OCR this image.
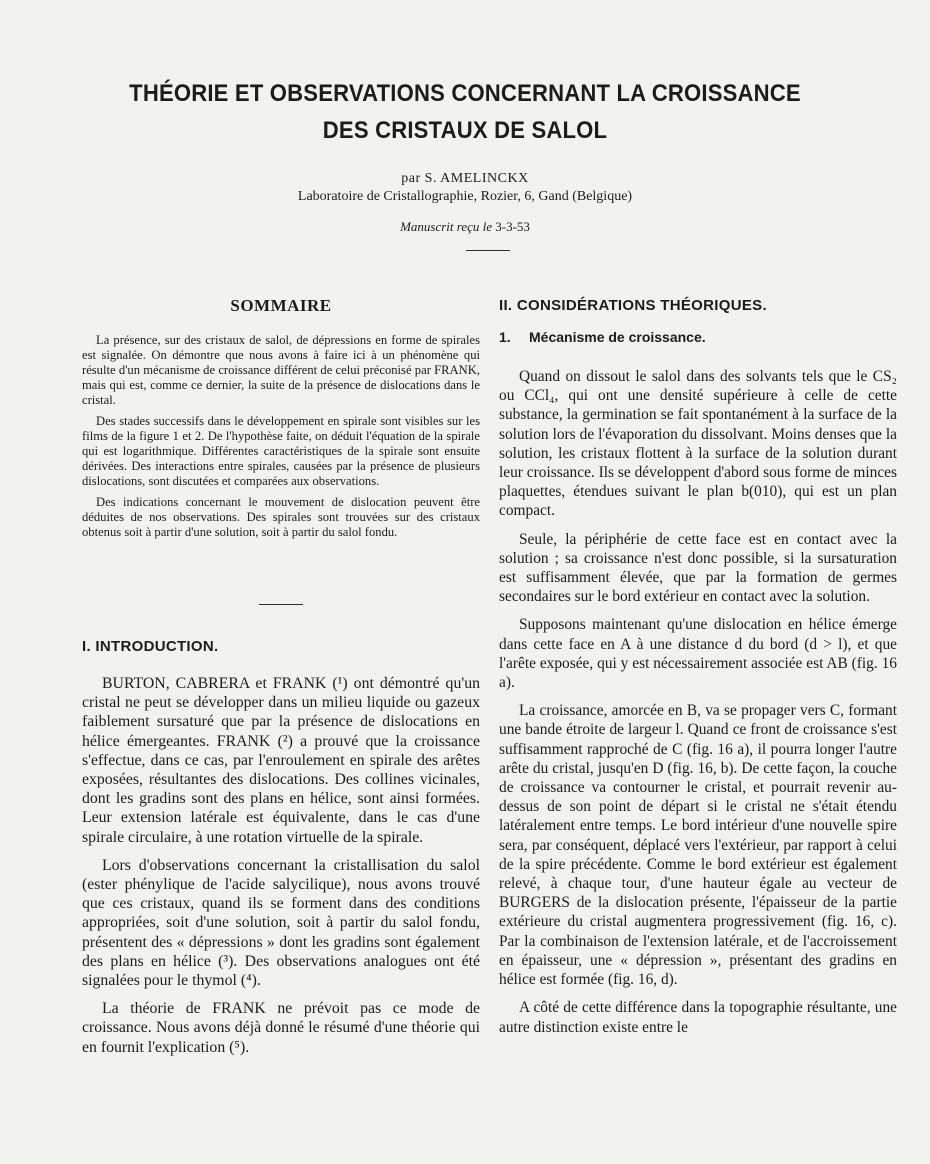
THÉORIE ET OBSERVATIONS CONCERNANT LA CROISSANCE
DES CRISTAUX DE SALOL

par S. AMELINCKX

Laboratoire de Cristallographie, Rozier, 6, Gand (Belgique)

Manuscrit reçu le 3-3-53

SOMMAIRE

La présence, sur des cristaux de salol, de dépressions en forme de spirales est signalée. On démontre que nous avons à faire ici à un phénomène qui résulte d'un mécanisme de croissance différent de celui préconisé par FRANK, mais qui est, comme ce dernier, la suite de la présence de dislocations dans le cristal.

Des stades successifs dans le développement en spirale sont visibles sur les films de la figure 1 et 2. De l'hypothèse faite, on déduit l'équation de la spirale qui est logarithmique. Différentes caractéristiques de la spirale sont ensuite dérivées. Des interactions entre spirales, causées par la présence de plusieurs dislocations, sont discutées et comparées aux observations.

Des indications concernant le mouvement de dislocation peuvent être déduites de nos observations. Des spirales sont trouvées sur des cristaux obtenus soit à partir d'une solution, soit à partir du salol fondu.

I. INTRODUCTION.

BURTON, CABRERA et FRANK (¹) ont démontré qu'un cristal ne peut se développer dans un milieu liquide ou gazeux faiblement sursaturé que par la présence de dislocations en hélice émergeantes. FRANK (²) a prouvé que la croissance s'effectue, dans ce cas, par l'enroulement en spirale des arêtes exposées, résultantes des dislocations. Des collines vicinales, dont les gradins sont des plans en hélice, sont ainsi formées. Leur extension latérale est équivalente, dans le cas d'une spirale circulaire, à une rotation virtuelle de la spirale.

Lors d'observations concernant la cristallisation du salol (ester phénylique de l'acide salycilique), nous avons trouvé que ces cristaux, quand ils se forment dans des conditions appropriées, soit d'une solution, soit à partir du salol fondu, présentent des « dépressions » dont les gradins sont également des plans en hélice (³). Des observations analogues ont été signalées pour le thymol (⁴).

La théorie de FRANK ne prévoit pas ce mode de croissance. Nous avons déjà donné le résumé d'une théorie qui en fournit l'explication (⁵).

II. CONSIDÉRATIONS THÉORIQUES.
1. Mécanisme de croissance.

Quand on dissout le salol dans des solvants tels que le CS₂ ou CCl₄, qui ont une densité supérieure à celle de cette substance, la germination se fait spontanément à la surface de la solution lors de l'évaporation du dissolvant. Moins denses que la solution, les cristaux flottent à la surface de la solution durant leur croissance. Ils se développent d'abord sous forme de minces plaquettes, étendues suivant le plan b(010), qui est un plan compact.

Seule, la périphérie de cette face est en contact avec la solution ; sa croissance n'est donc possible, si la sursaturation est suffisamment élevée, que par la formation de germes secondaires sur le bord extérieur en contact avec la solution.

Supposons maintenant qu'une dislocation en hélice émerge dans cette face en A à une distance d du bord (d > l), et que l'arête exposée, qui y est nécessairement associée est AB (fig. 16 a).

La croissance, amorcée en B, va se propager vers C, formant une bande étroite de largeur l. Quand ce front de croissance s'est suffisamment rapproché de C (fig. 16 a), il pourra longer l'autre arête du cristal, jusqu'en D (fig. 16, b). De cette façon, la couche de croissance va contourner le cristal, et pourrait revenir au-dessus de son point de départ si le cristal ne s'était étendu latéralement entre temps. Le bord intérieur d'une nouvelle spire sera, par conséquent, déplacé vers l'extérieur, par rapport à celui de la spire précédente. Comme le bord extérieur est également relevé, à chaque tour, d'une hauteur égale au vecteur de BURGERS de la dislocation présente, l'épaisseur de la partie extérieure du cristal augmentera progressivement (fig. 16, c). Par la combinaison de l'extension latérale, et de l'accroissement en épaisseur, une « dépression », présentant des gradins en hélice est formée (fig. 16, d).

A côté de cette différence dans la topographie résultante, une autre distinction existe entre le
